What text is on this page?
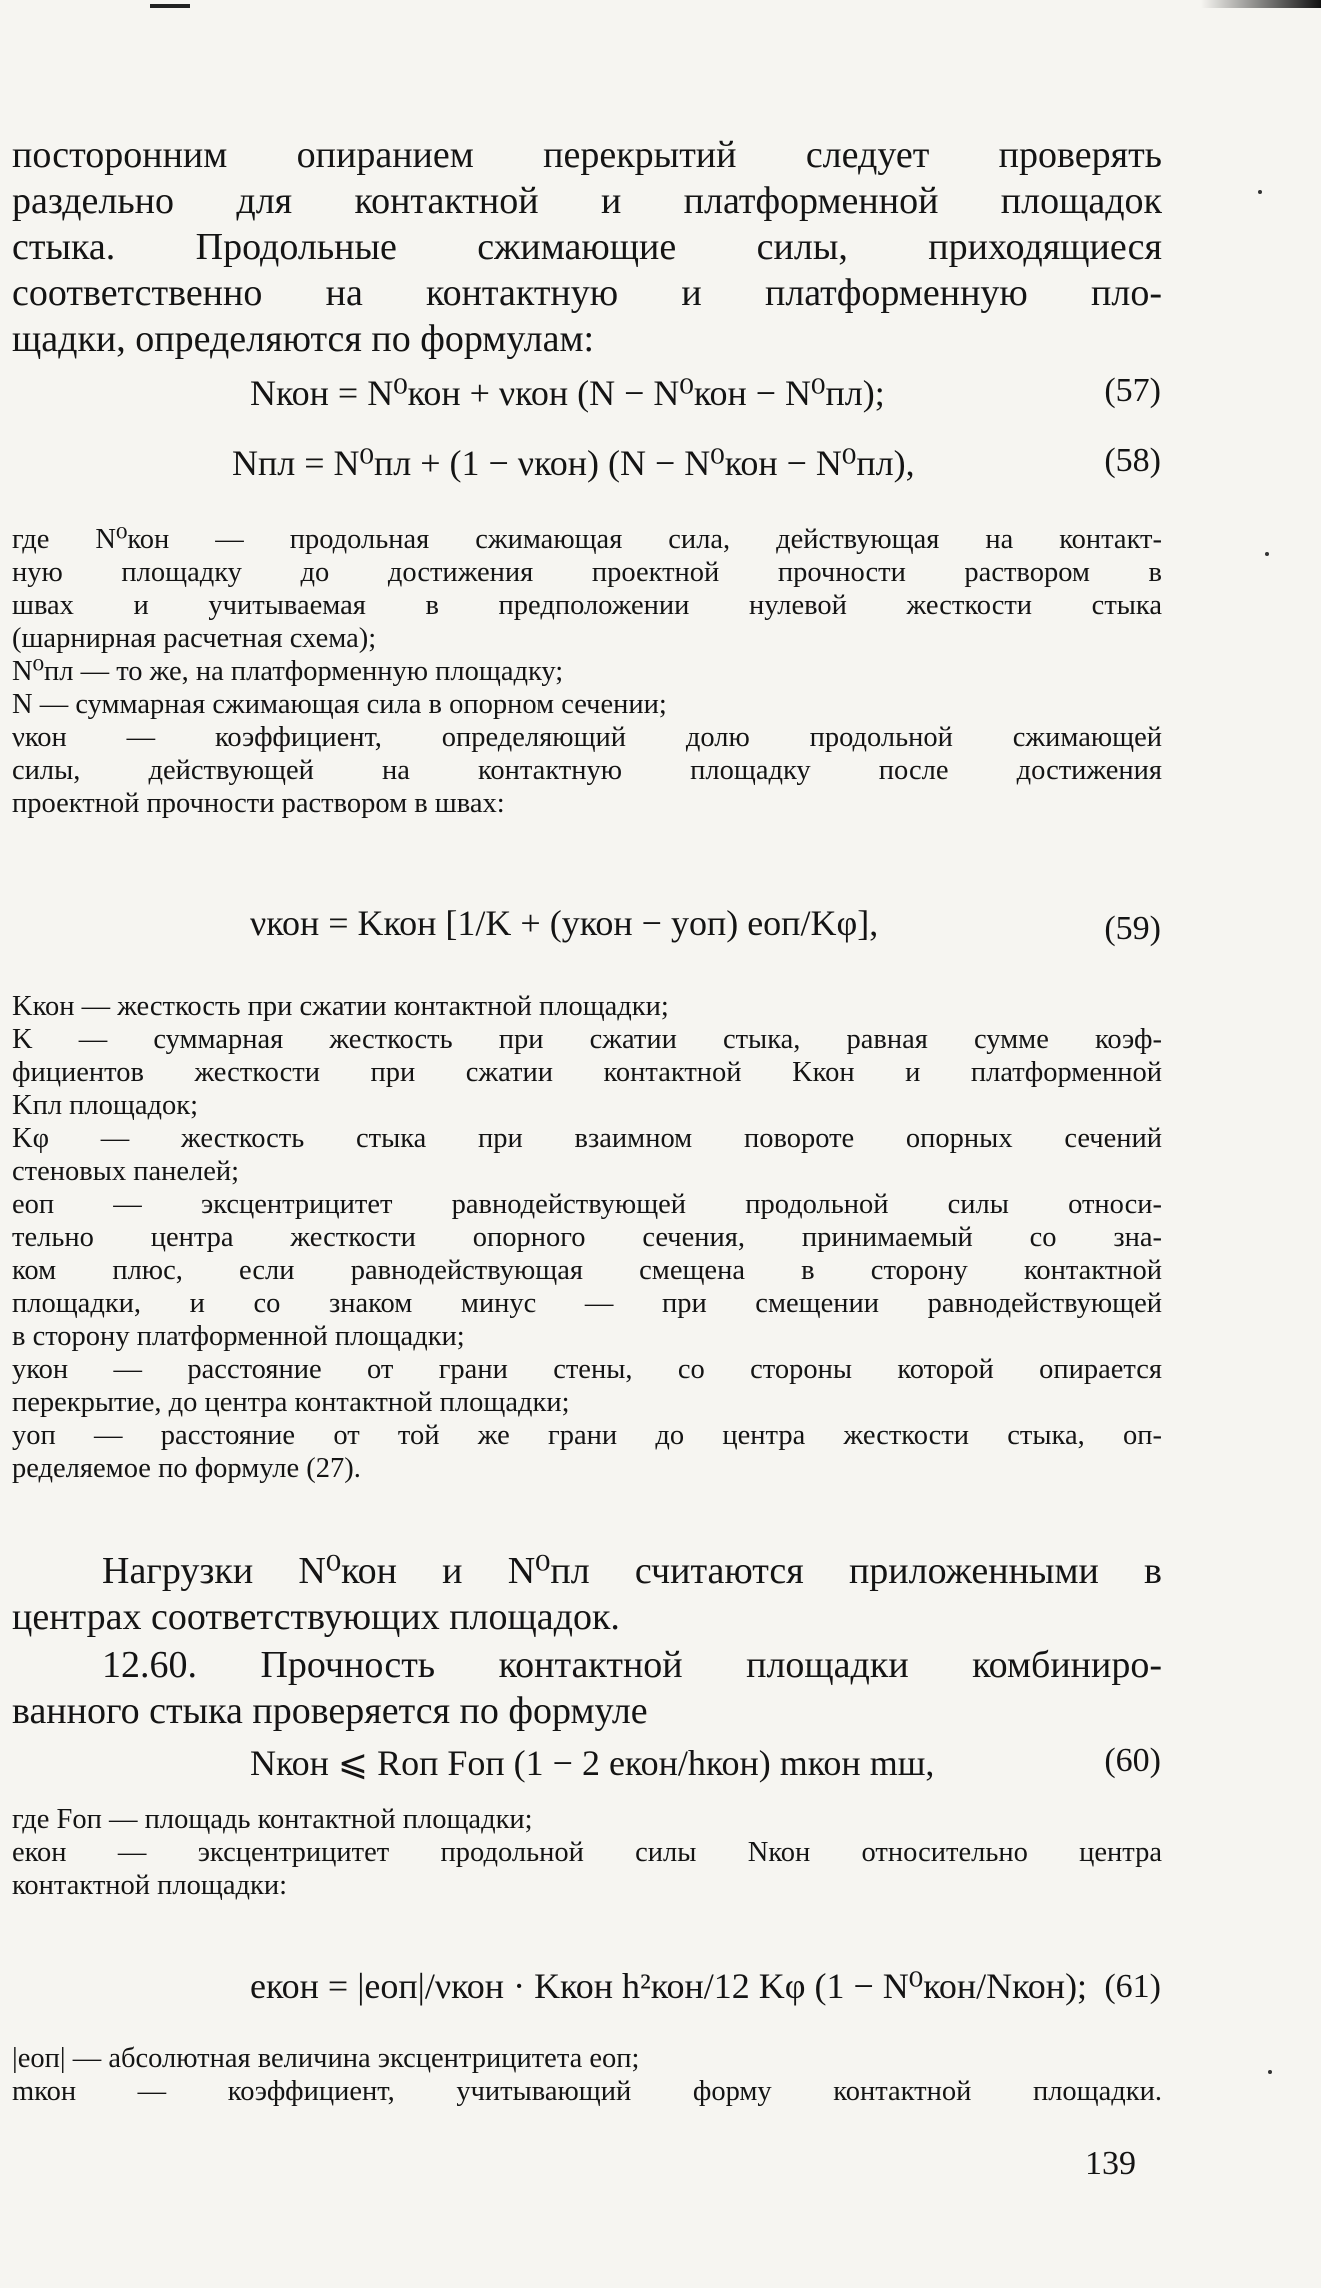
посторонним опиранием перекрытий следует проверять
раздельно для контактной и платформенной площадок
стыка. Продольные сжимающие силы, приходящиеся
соответственно на контактную и платформенную пло-
щадки, определяются по формулам:
Nкон = N⁰кон + νкон (N − N⁰кон − N⁰пл);	(57)
Nпл = N⁰пл + (1 − νкон) (N − N⁰кон − N⁰пл),	(58)
где N⁰кон — продольная сжимающая сила, действующая на контакт-
ную площадку до достижения проектной прочности раствором в
швах и учитываемая в предположении нулевой жесткости стыка
(шарнирная расчетная схема);
N⁰пл — то же, на платформенную площадку;
N — суммарная сжимающая сила в опорном сечении;
νкон — коэффициент, определяющий долю продольной сжимающей
силы, действующей на контактную площадку после достижения
проектной прочности раствором в швах:
νкон = Kкон [1/K + (yкон − yоп) eоп/Kφ],	(59)
Kкон — жесткость при сжатии контактной площадки;
K — суммарная жесткость при сжатии стыка, равная сумме коэф-
фициентов жесткости при сжатии контактной Kкон и платформенной
Kпл площадок;
Kφ — жесткость стыка при взаимном повороте опорных сечений
стеновых панелей;
eоп — эксцентрицитет равнодействующей продольной силы относи-
тельно центра жесткости опорного сечения, принимаемый со зна-
ком плюс, если равнодействующая смещена в сторону контактной
площадки, и со знаком минус — при смещении равнодействующей
в сторону платформенной площадки;
yкон — расстояние от грани стены, со стороны которой опирается
перекрытие, до центра контактной площадки;
yоп — расстояние от той же грани до центра жесткости стыка, оп-
ределяемое по формуле (27).
Нагрузки N⁰кон и N⁰пл считаются приложенными в
центрах соответствующих площадок.
12.60. Прочность контактной площадки комбиниро-
ванного стыка проверяется по формуле
Nкон ⩽ Rоп Fоп (1 − 2 eкон/hкон) mкон mш,	(60)
где Fоп — площадь контактной площадки;
eкон — эксцентрицитет продольной силы Nкон относительно центра
контактной площадки:
eкон = |eоп|/νкон · Kкон h²кон/12 Kφ (1 − N⁰кон/Nкон); (61)
|eоп| — абсолютная величина эксцентрицитета eоп;
mкон — коэффициент, учитывающий форму контактной площадки.
139
